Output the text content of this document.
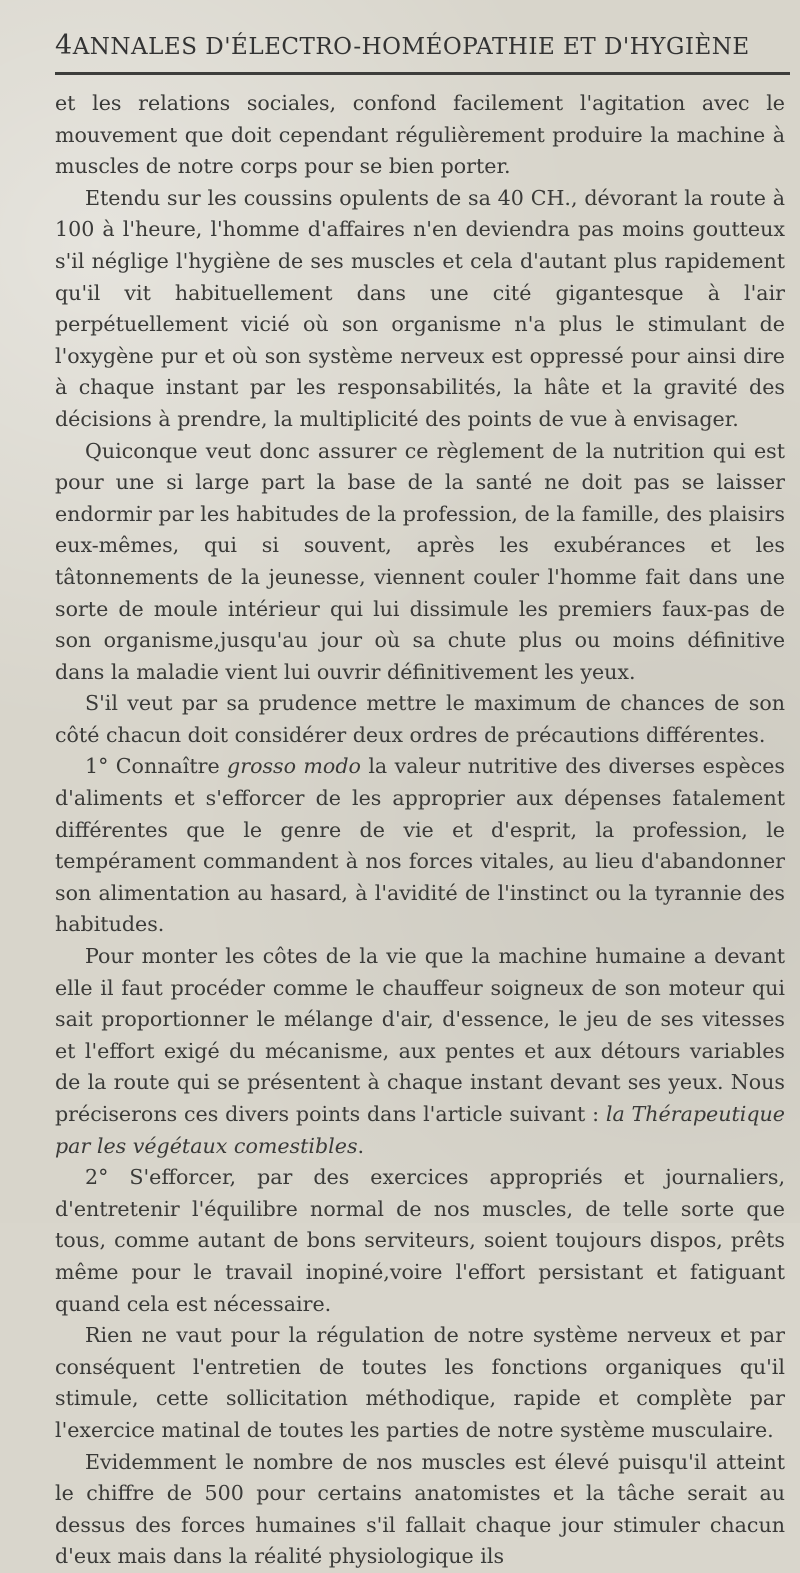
4 ANNALES D'ÉLECTRO-HOMÉOPATHIE ET D'HYGIÈNE

et les relations sociales, confond facilement l'agitation avec le mouvement que doit cependant régulièrement produire la machine à muscles de notre corps pour se bien porter.

Etendu sur les coussins opulents de sa 40 CH., dévorant la route à 100 à l'heure, l'homme d'affaires n'en deviendra pas moins goutteux s'il néglige l'hygiène de ses muscles et cela d'autant plus rapidement qu'il vit habituellement dans une cité gigantesque à l'air perpétuellement vicié où son organisme n'a plus le stimulant de l'oxygène pur et où son système nerveux est oppressé pour ainsi dire à chaque instant par les responsabilités, la hâte et la gravité des décisions à prendre, la multiplicité des points de vue à envisager.

Quiconque veut donc assurer ce règlement de la nutrition qui est pour une si large part la base de la santé ne doit pas se laisser endormir par les habitudes de la profession, de la famille, des plaisirs eux-mêmes, qui si souvent, après les exubérances et les tâtonnements de la jeunesse, viennent couler l'homme fait dans une sorte de moule intérieur qui lui dissimule les premiers faux-pas de son organisme,jusqu'au jour où sa chute plus ou moins définitive dans la maladie vient lui ouvrir définitivement les yeux.

S'il veut par sa prudence mettre le maximum de chances de son côté chacun doit considérer deux ordres de précautions différentes.

1° Connaître grosso modo la valeur nutritive des diverses espèces d'aliments et s'efforcer de les approprier aux dépenses fatalement différentes que le genre de vie et d'esprit, la profession, le tempérament commandent à nos forces vitales, au lieu d'abandonner son alimentation au hasard, à l'avidité de l'instinct ou la tyrannie des habitudes.

Pour monter les côtes de la vie que la machine humaine a devant elle il faut procéder comme le chauffeur soigneux de son moteur qui sait proportionner le mélange d'air, d'essence, le jeu de ses vitesses et l'effort exigé du mécanisme, aux pentes et aux détours variables de la route qui se présentent à chaque instant devant ses yeux. Nous préciserons ces divers points dans l'article suivant : la Thérapeutique par les végétaux comestibles.

2° S'efforcer, par des exercices appropriés et journaliers, d'entretenir l'équilibre normal de nos muscles, de telle sorte que tous, comme autant de bons serviteurs, soient toujours dispos, prêts même pour le travail inopiné,voire l'effort persistant et fatiguant quand cela est nécessaire.

Rien ne vaut pour la régulation de notre système nerveux et par conséquent l'entretien de toutes les fonctions organiques qu'il stimule, cette sollicitation méthodique, rapide et complète par l'exercice matinal de toutes les parties de notre système musculaire.

Evidemment le nombre de nos muscles est élevé puisqu'il atteint le chiffre de 500 pour certains anatomistes et la tâche serait au dessus des forces humaines s'il fallait chaque jour stimuler chacun d'eux mais dans la réalité physiologique ils
